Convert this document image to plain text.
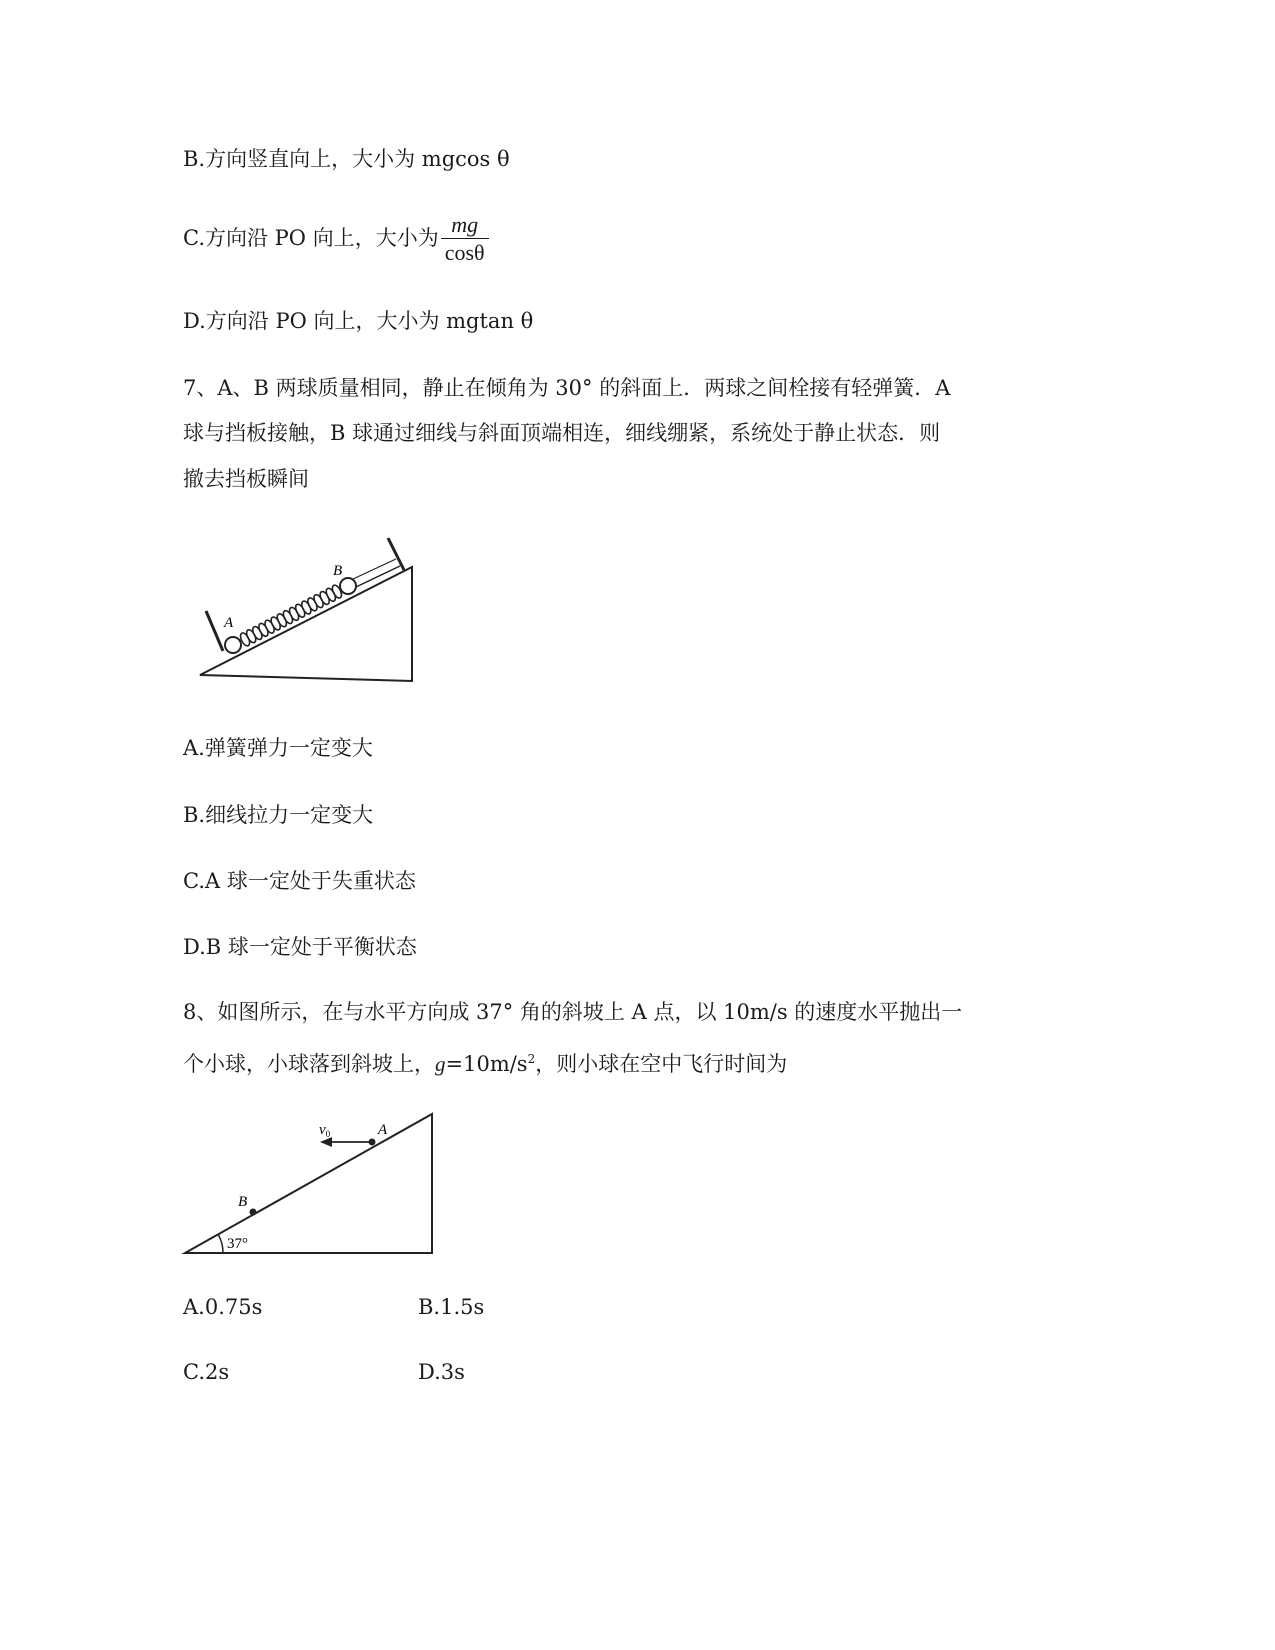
B.方向竖直向上，大小为 mgcos θ
C.方向沿 PO 向上，大小为 $\frac{mg}{\cos\theta}$
D.方向沿 PO 向上，大小为 mgtan θ
7、A、B 两球质量相同，静止在倾角为 30° 的斜面上．两球之间栓接有轻弹簧．A
球与挡板接触，B 球通过细线与斜面顶端相连，细线绷紧，系统处于静止状态．则
撤去挡板瞬间
A
B
A.弹簧弹力一定变大
B.细线拉力一定变大
C.A 球一定处于失重状态
D.B 球一定处于平衡状态
8、如图所示，在与水平方向成 37° 角的斜坡上 A 点，以 10m/s 的速度水平抛出一
个小球，小球落到斜坡上，$g=10m/s^2$，则小球在空中飞行时间为
37°
$v_0$	A
B
A.0.75s	B.1.5s
C.2s	D.3s
